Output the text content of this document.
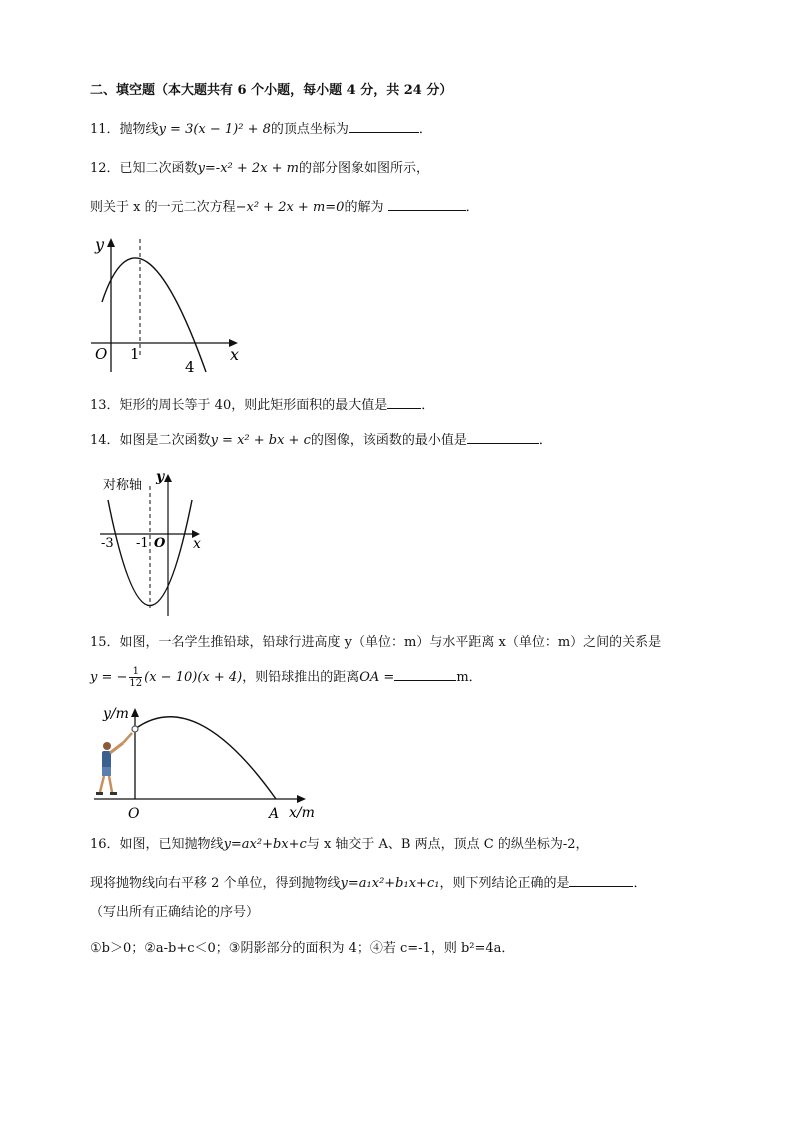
二、填空题（本大题共有 6 个小题，每小题 4 分，共 24 分）
11．抛物线y = 3(x − 1)² + 8的顶点坐标为	．
12．已知二次函数y=-x² + 2x + m的部分图象如图所示，
则关于 x 的一元二次方程−x² + 2x + m=0的解为	．
y
x
O 1
4
13．矩形的周长等于 40，则此矩形面积的最大值是	．
14．如图是二次函数y = x² + bx + c的图像，该函数的最小值是	．
对称轴
y
x
-3 -1 O
15．如图，一名学生推铅球，铅球行进高度 y（单位：m）与水平距离 x（单位：m）之间的关系是
y = − $\frac{1}{12} (x - 10)(x + 4)$，则铅球推出的距离OA =	m．
y/m
x/m
O	A
16．如图，已知抛物线y=ax²+bx+c与 x 轴交于 A、B 两点，顶点 C 的纵坐标为-2，
现将抛物线向右平移 2 个单位，得到抛物线y=a₁x²+b₁x+c₁，则下列结论正确的是	．
（写出所有正确结论的序号）
①b＞0；②a-b+c＜0；③阴影部分的面积为 4；④若 c=-1，则 b²=4a．
